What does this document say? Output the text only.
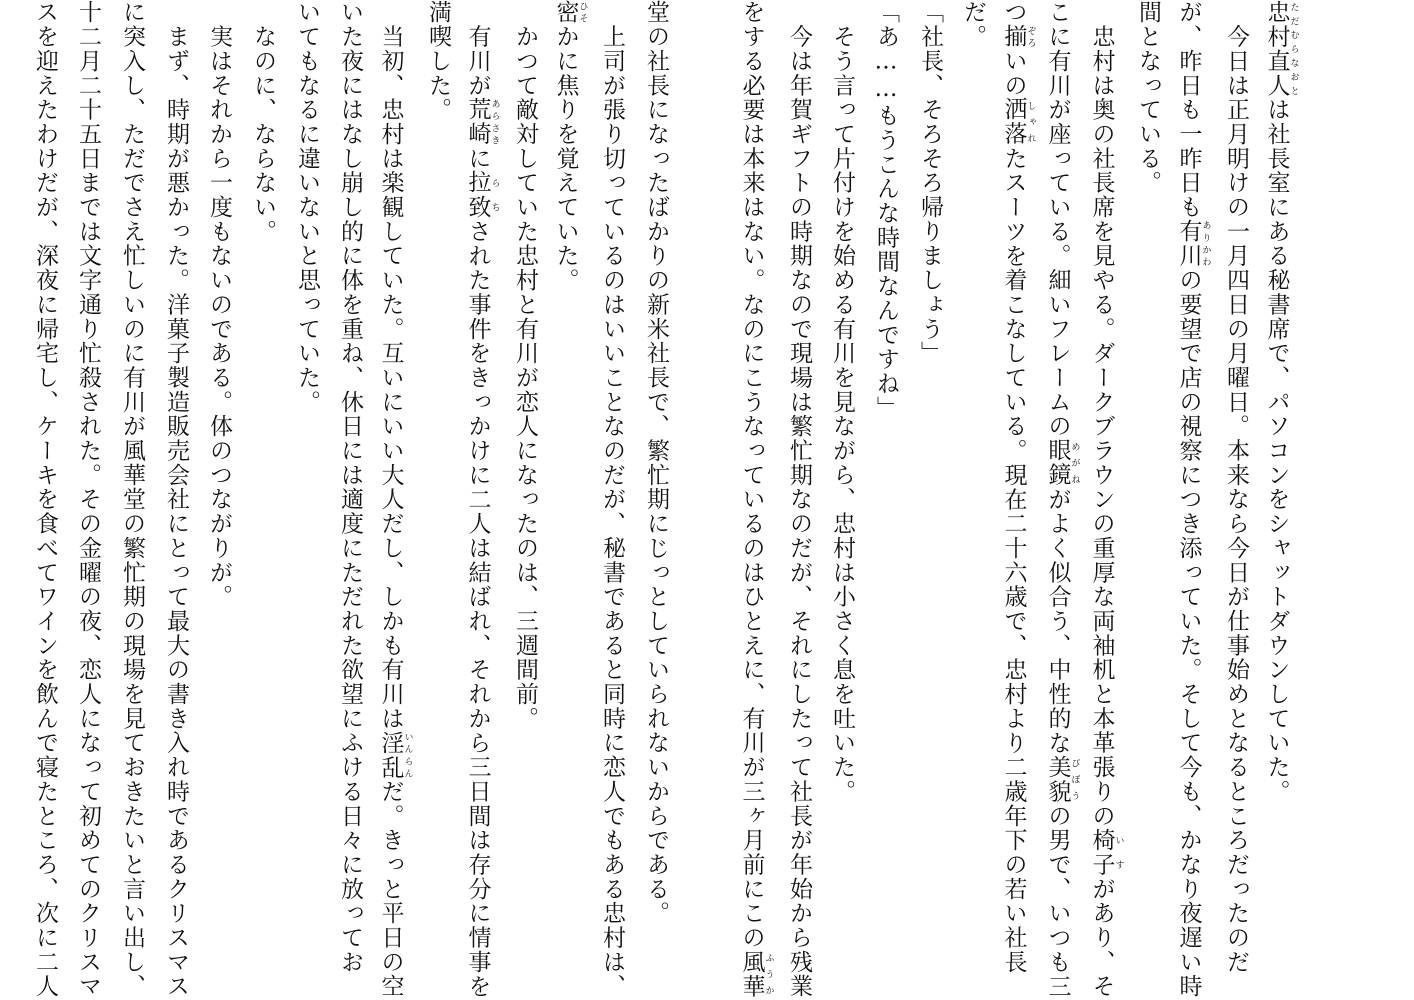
忠村直人 ただむらなおとは社長室にある秘書席で、パソコンをシャットダウンしていた。
　今日は正月明けの一月四日の月曜日。本来なら今日が仕事始めとなるところだったのだ
が、昨日も一昨日も有川 ありかわの要望で店の視察につき添っていた。そして今も、かなり夜遅い時
間となっている。
　忠村は奥の社長席を見やる。ダークブラウンの重厚な両袖机と本革張りの椅子 いすがあり、そ
こに有川が座っている。細いフレームの眼鏡 めがねがよく似合う、中性的な美貌 びぼうの男で、いつも三
つ揃 ぞろいの洒落 しゃれたスーツを着こなしている。現在二十六歳で、忠村より二歳年下の若い社長
だ。
「社長、そろそろ帰りましょう」
「あ……もうこんな時間なんですね」
　そう言って片付けを始める有川を見ながら、忠村は小さく息を吐いた。
　今は年賀ギフトの時期なので現場は繁忙期なのだが、それにしたって社長が年始から残業
をする必要は本来はない。なのにこうなっているのはひとえに、有川が三ヶ月前にこの風華 ふうか
堂の社長になったばかりの新米社長で、繁忙期にじっとしていられないからである。
　上司が張り切っているのはいいことなのだが、秘書であると同時に恋人でもある忠村は、
密 ひそかに焦りを覚えていた。
　かつて敵対していた忠村と有川が恋人になったのは、三週間前。
　有川が荒崎 あらさきに拉 ら致 ちされた事件をきっかけに二人は結ばれ、それから三日間は存分に情事を
満喫した。
　当初、忠村は楽観していた。互いにいい大人だし、しかも有川は淫乱 いんらんだ。きっと平日の空
いた夜にはなし崩し的に体を重ね、休日には適度にただれた欲望にふける日々に放ってお
いてもなるに違いないと思っていた。
　なのに、ならない。
　実はそれから一度もないのである。体のつながりが。
　まず、時期が悪かった。洋菓子製造販売会社にとって最大の書き入れ時であるクリスマス
に突入し、ただでさえ忙しいのに有川が風華堂の繁忙期の現場を見ておきたいと言い出し、
十二月二十五日までは文字通り忙殺された。その金曜の夜、恋人になって初めてのクリスマ
スを迎えたわけだが、深夜に帰宅し、ケーキを食べてワインを飲んで寝たところ、次に二人
